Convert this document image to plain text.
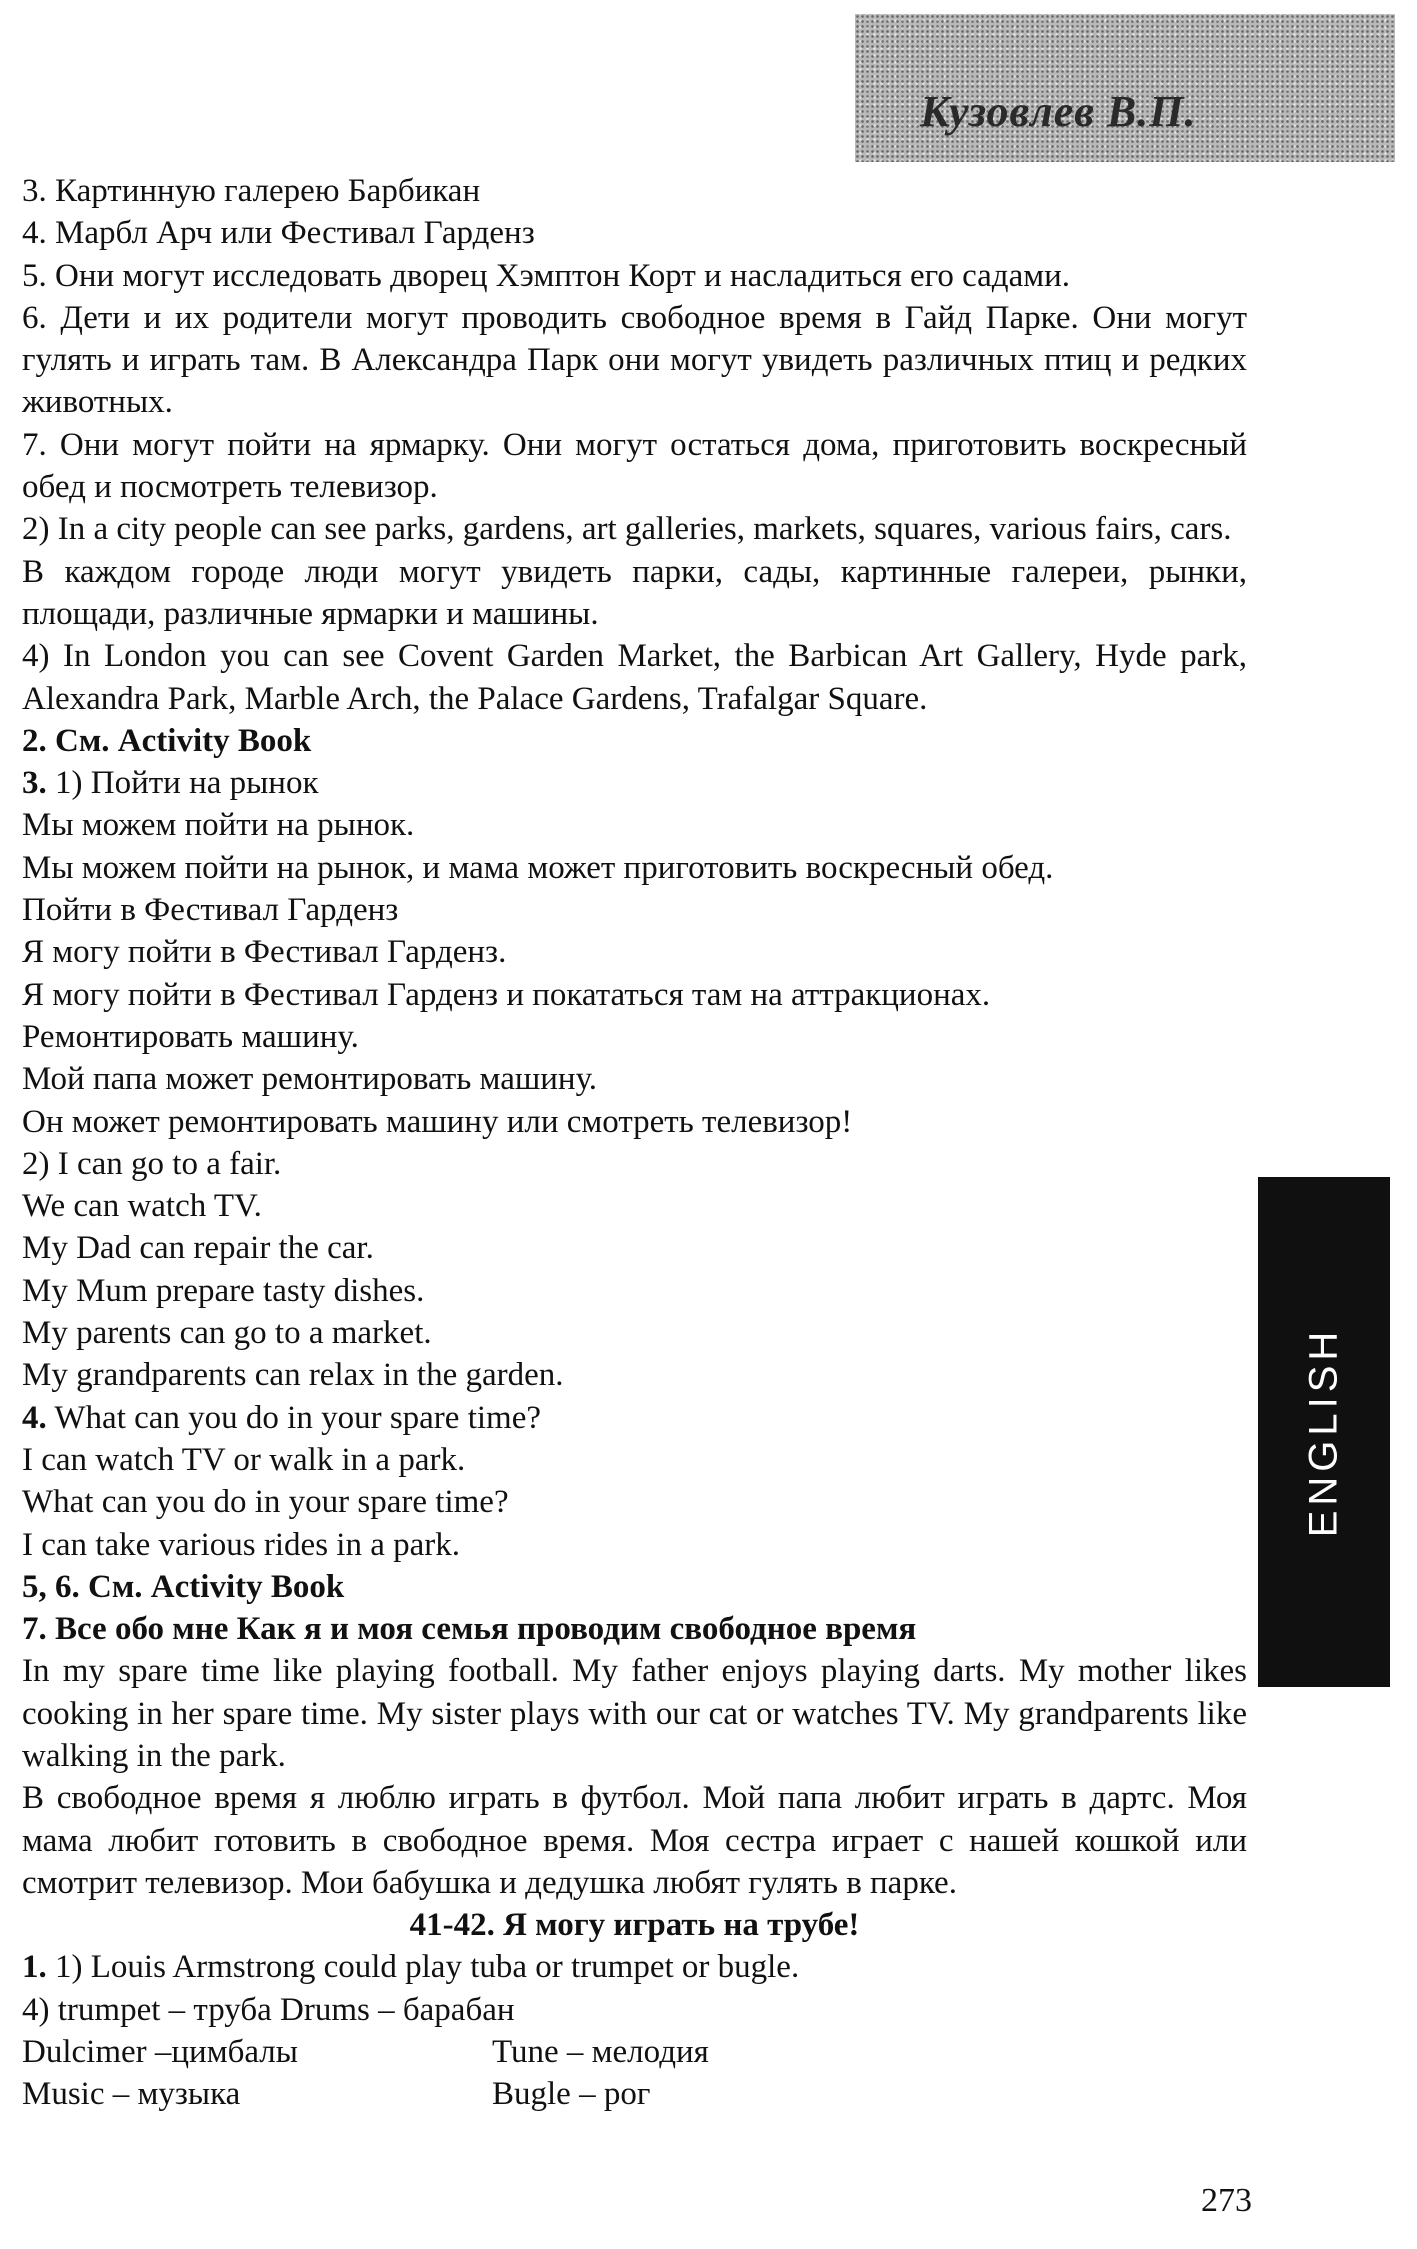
Кузовлев В.П.
3. Картинную галерею Барбикан
4. Марбл Арч или Фестивал Гарденз
5. Они могут исследовать дворец Хэмптон Корт и насладиться его садами.
6. Дети и их родители могут проводить свободное время в Гайд Парке. Они могут гулять и играть там. В Александра Парк они могут увидеть различных птиц и редких животных.
7. Они могут пойти на ярмарку. Они могут остаться дома, приготовить воскресный обед и посмотреть телевизор.
2) In a city people can see parks, gardens, art galleries, markets, squares, various fairs, cars.
В каждом городе люди могут увидеть парки, сады, картинные галереи, рынки, площади, различные ярмарки и машины.
4) In London you can see Covent Garden Market, the Barbican Art Gallery, Hyde park, Alexandra Park, Marble Arch, the Palace Gardens, Trafalgar Square.
2. См. Activity Book
3. 1) Пойти на рынок
Мы можем пойти на рынок.
Мы можем пойти на рынок, и мама может приготовить воскресный обед.
Пойти в Фестивал Гарденз
Я могу пойти в Фестивал Гарденз.
Я могу пойти в Фестивал Гарденз и покататься там на аттракционах.
Ремонтировать машину.
Мой папа может ремонтировать машину.
Он может ремонтировать машину или смотреть телевизор!
2) I can go to a fair.
We can watch TV.
My Dad can repair the car.
My Mum prepare tasty dishes.
My parents can go to a market.
My grandparents can relax in the garden.
4. What can you do in your spare time?
I can watch TV or walk in a park.
What can you do in your spare time?
I can take various rides in a park.
5, 6. См. Activity Book
7. Все обо мне Как я и моя семья проводим свободное время
In my spare time like playing football. My father enjoys playing darts. My mother likes cooking in her spare time. My sister plays with our cat or watches TV. My grandparents like walking in the park.
В свободное время я люблю играть в футбол. Мой папа любит играть в дартс. Моя мама любит готовить в свободное время. Моя сестра играет с нашей кошкой или смотрит телевизор. Мои бабушка и дедушка любят гулять в парке.
41-42. Я могу играть на трубе!
1. 1) Louis Armstrong could play tuba or trumpet or bugle.
4) trumpet – труба Drums – барабан
Dulcimer –цимбалы	Tune – мелодия
Music – музыка	Bugle – рог
ENGLISH
273
